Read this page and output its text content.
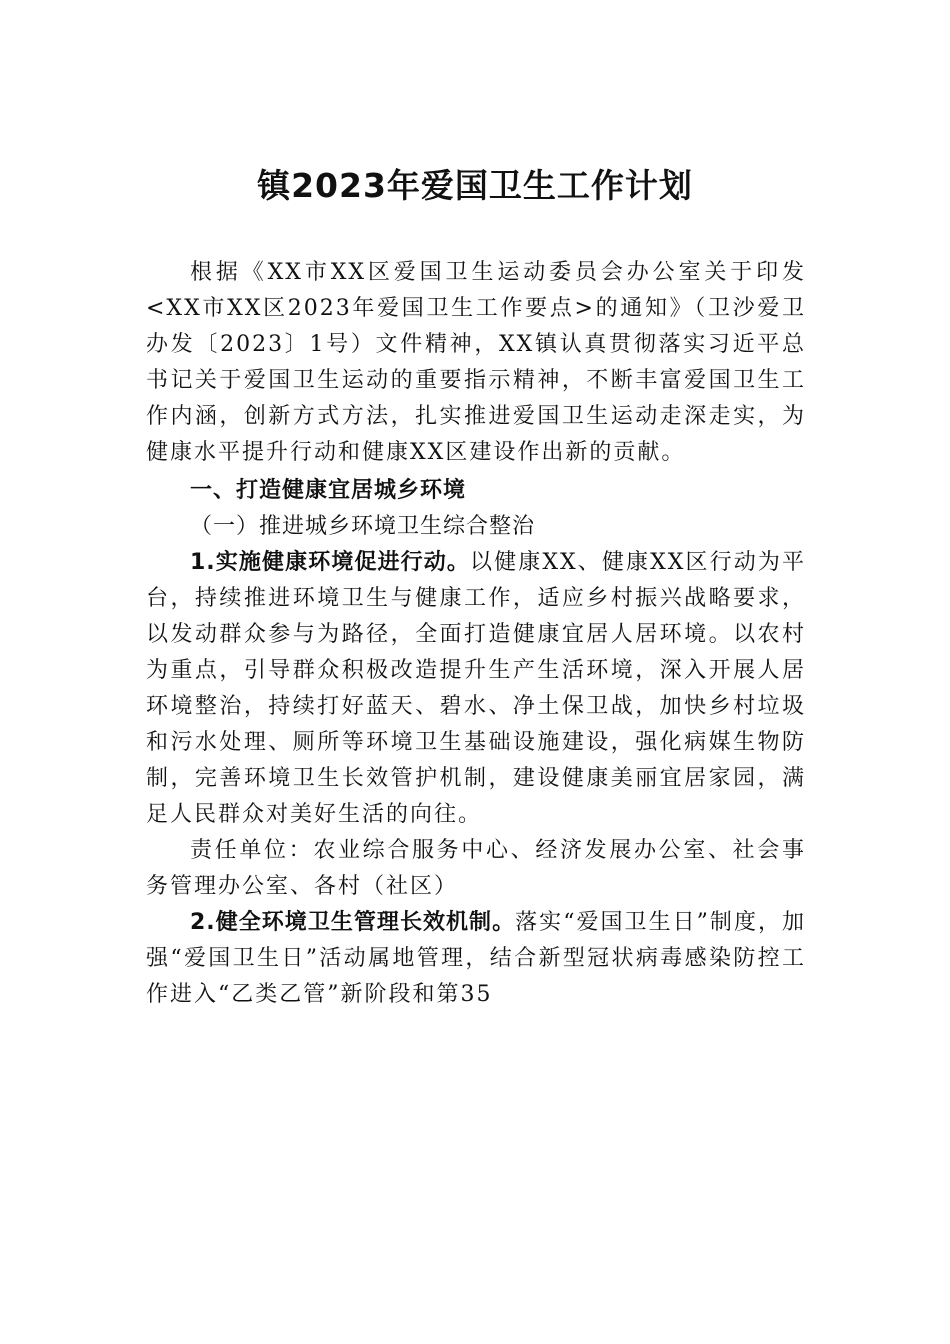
镇2023年爱国卫生工作计划

根据《XX市XX区爱国卫生运动委员会办公室关于印发<XX市XX区2023年爱国卫生工作要点>的通知》（卫沙爱卫办发〔2023〕1号）文件精神，XX镇认真贯彻落实习近平总书记关于爱国卫生运动的重要指示精神，不断丰富爱国卫生工作内涵，创新方式方法，扎实推进爱国卫生运动走深走实，为健康水平提升行动和健康XX区建设作出新的贡献。

一、打造健康宜居城乡环境

（一）推进城乡环境卫生综合整治

1.实施健康环境促进行动。以健康XX、健康XX区行动为平台，持续推进环境卫生与健康工作，适应乡村振兴战略要求，以发动群众参与为路径，全面打造健康宜居人居环境。以农村为重点，引导群众积极改造提升生产生活环境，深入开展人居环境整治，持续打好蓝天、碧水、净土保卫战，加快乡村垃圾和污水处理、厕所等环境卫生基础设施建设，强化病媒生物防制，完善环境卫生长效管护机制，建设健康美丽宜居家园，满足人民群众对美好生活的向往。

责任单位：农业综合服务中心、经济发展办公室、社会事务管理办公室、各村（社区）

2.健全环境卫生管理长效机制。落实“爱国卫生日”制度，加强“爱国卫生日”活动属地管理，结合新型冠状病毒感染防控工作进入“乙类乙管”新阶段和第35
